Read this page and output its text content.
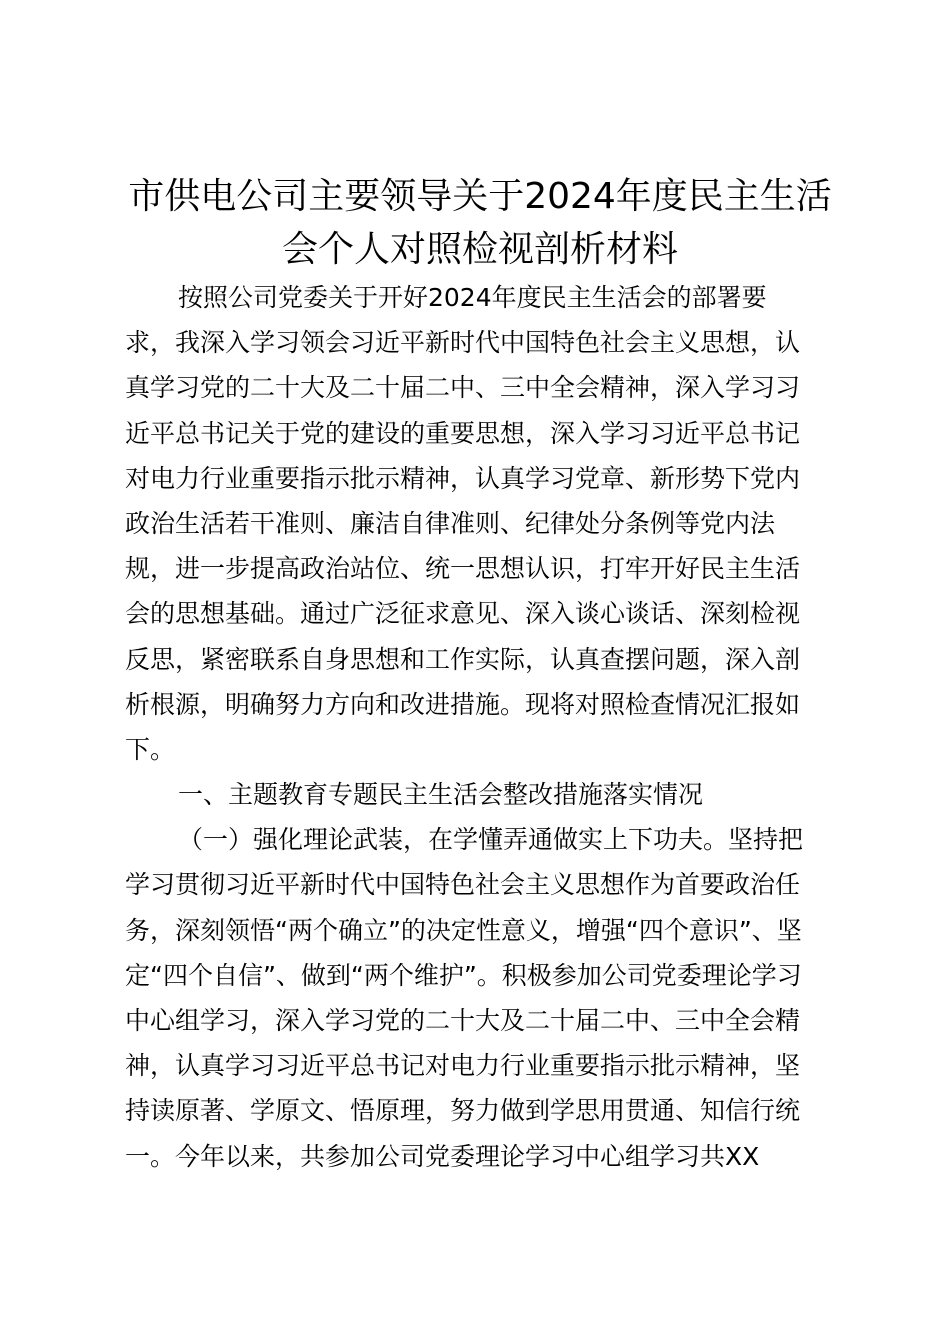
市供电公司主要领导关于2024年度民主生活
会个人对照检视剖析材料

按照公司党委关于开好2024年度民主生活会的部署要

求，我深入学习领会习近平新时代中国特色社会主义思想，认

真学习党的二十大及二十届二中、三中全会精神，深入学习习

近平总书记关于党的建设的重要思想，深入学习习近平总书记

对电力行业重要指示批示精神，认真学习党章、新形势下党内

政治生活若干准则、廉洁自律准则、纪律处分条例等党内法

规，进一步提高政治站位、统一思想认识，打牢开好民主生活

会的思想基础。通过广泛征求意见、深入谈心谈话、深刻检视

反思，紧密联系自身思想和工作实际，认真查摆问题，深入剖

析根源，明确努力方向和改进措施。现将对照检查情况汇报如

下。

一、主题教育专题民主生活会整改措施落实情况

（一）强化理论武装，在学懂弄通做实上下功夫。坚持把

学习贯彻习近平新时代中国特色社会主义思想作为首要政治任

务，深刻领悟“两个确立”的决定性意义，增强“四个意识”、坚

定“四个自信”、做到“两个维护”。积极参加公司党委理论学习

中心组学习，深入学习党的二十大及二十届二中、三中全会精

神，认真学习习近平总书记对电力行业重要指示批示精神，坚

持读原著、学原文、悟原理，努力做到学思用贯通、知信行统

一。今年以来，共参加公司党委理论学习中心组学习共XX
